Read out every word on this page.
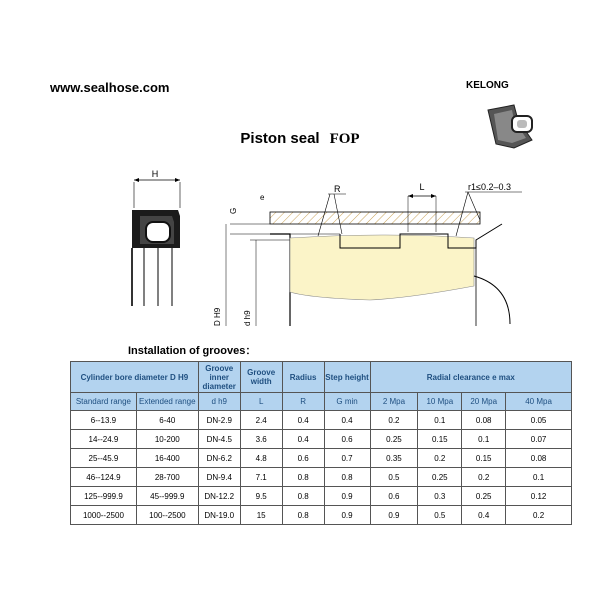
www.sealhose.com	KELONG
Piston seal FOP
H
R	L	r1≤0.2–0.3
G
e
D H9	d h9
Installation of grooves：
Cylinder bore diameter D H9		Groove inner diameter	Groove width	Radius	Step height	Radial clearance e max			
Standard range	Extended range	d h9	L	R	G min	2 Mpa	10 Mpa	20 Mpa	40 Mpa
6--13.9	6-40	DN-2.9	2.4	0.4	0.4	0.2	0.1	0.08	0.05
14--24.9	10-200	DN-4.5	3.6	0.4	0.6	0.25	0.15	0.1	0.07
25--45.9	16-400	DN-6.2	4.8	0.6	0.7	0.35	0.2	0.15	0.08
46--124.9	28-700	DN-9.4	7.1	0.8	0.8	0.5	0.25	0.2	0.1
125--999.9	45--999.9	DN-12.2	9.5	0.8	0.9	0.6	0.3	0.25	0.12
1000--2500	100--2500	DN-19.0	15	0.8	0.9	0.9	0.5	0.4	0.2
